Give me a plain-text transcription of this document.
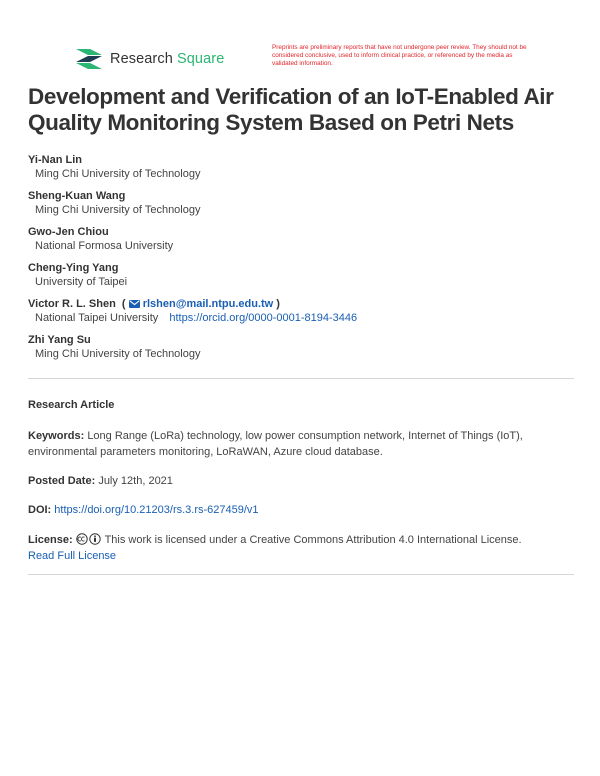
Research Square
Preprints are preliminary reports that have not undergone peer review. They should not be considered conclusive, used to inform clinical practice, or referenced by the media as validated information.
Development and Verification of an IoT-Enabled Air Quality Monitoring System Based on Petri Nets
Yi-Nan Lin
Ming Chi University of Technology
Sheng-Kuan Wang
Ming Chi University of Technology
Gwo-Jen Chiou
National Formosa University
Cheng-Ying Yang
University of Taipei
Victor R. L. Shen  (  rlshen@mail.ntpu.edu.tw )
National Taipei University https://orcid.org/0000-0001-8194-3446
Zhi Yang Su
Ming Chi University of Technology
Research Article
Keywords: Long Range (LoRa) technology, low power consumption network, Internet of Things (IoT), environmental parameters monitoring, LoRaWAN, Azure cloud database.
Posted Date: July 12th, 2021
DOI: https://doi.org/10.21203/rs.3.rs-627459/v1
License:	This work is licensed under a Creative Commons Attribution 4.0 International License.
Read Full License
